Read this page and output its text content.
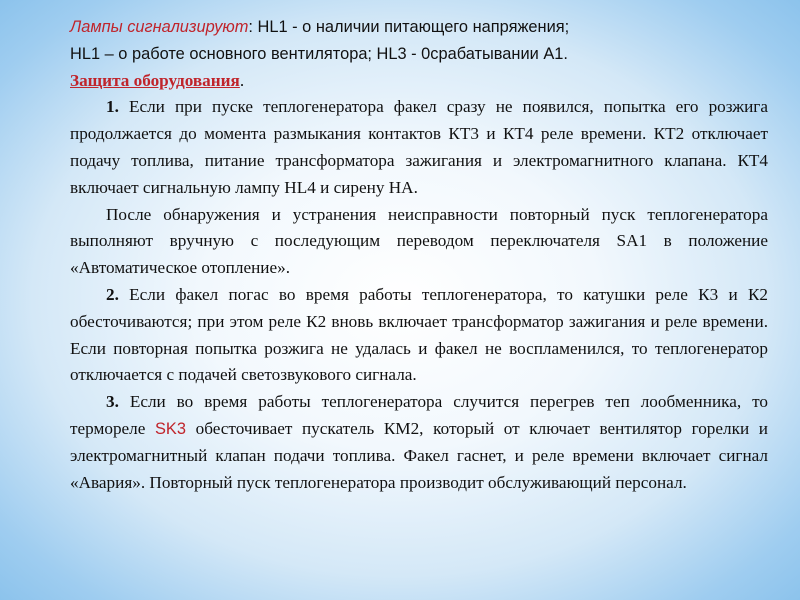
Лампы сигнализируют: HL1 - о наличии питающего напряжения;

HL1 – о работе основного вентилятора; HL3 - 0срабатывании А1.

Защита оборудования.

1. Если при пуске теплогенератора факел сразу не появился, попытка его розжига продолжается до момента размыкания контактов КТ3 и КТ4 реле времени. КТ2 отключает подачу топлива, питание трансформатора зажигания и электромагнитного клапана. КТ4 включает сигнальную лампу HL4 и сирену НА.

После обнаружения и устранения неисправности повторный пуск теплогенератора выполняют вручную с последующим переводом переключателя SA1 в положение «Автоматическое отопление».

2. Если факел погас во время работы теплогенератора, то катушки реле К3 и К2 обесточиваются; при этом реле К2 вновь включает трансформатор зажигания и реле времени. Если повторная попытка розжига не удалась и факел не воспламенился, то теплогенератор отключается с подачей светозвукового сигнала.

3. Если во время работы теплогенератора случится перегрев теп лообменника, то термореле SK3 обесточивает пускатель КМ2, который от ключает вентилятор горелки и электромагнитный клапан подачи топлива. Факел гаснет, и реле времени включает сигнал «Авария». Повторный пуск теплогенератора производит обслуживающий персонал.
